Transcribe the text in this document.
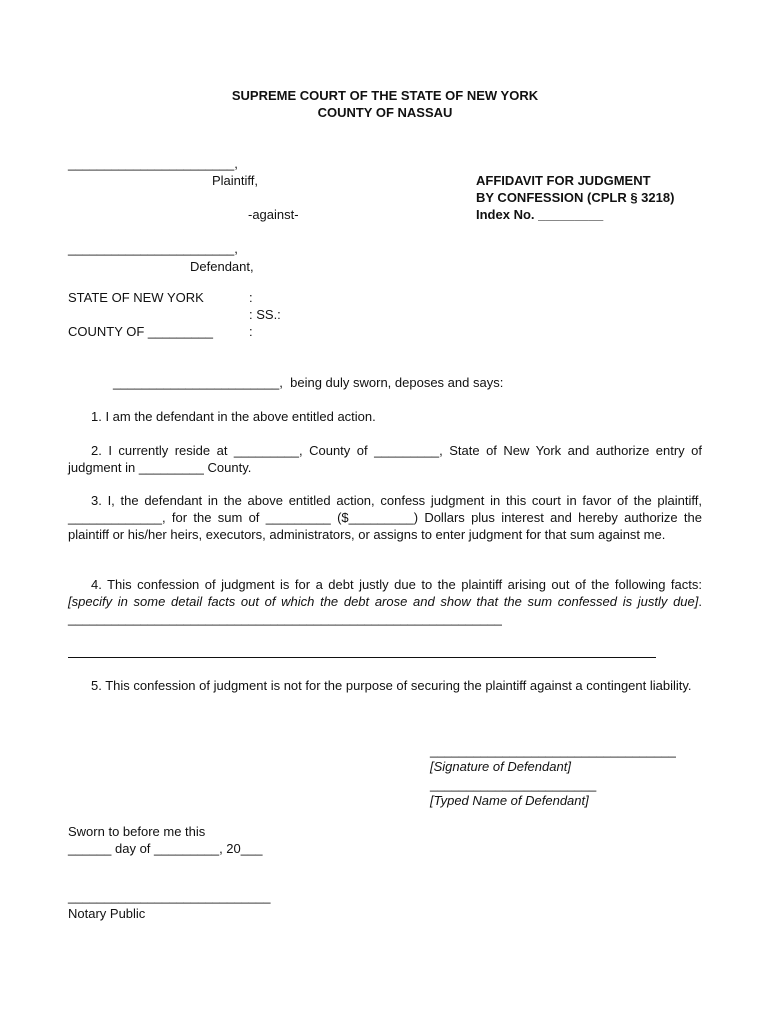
SUPREME COURT OF THE STATE OF NEW YORK
COUNTY OF NASSAU
_______________________,
Plaintiff,
-against-
_______________________,
Defendant,
AFFIDAVIT FOR JUDGMENT
BY CONFESSION (CPLR § 3218)
Index No. _________
STATE OF NEW YORK	:
: SS.:
COUNTY OF _________	:
_______________________,  being duly sworn, deposes and says:
1. I am the defendant in the above entitled action.
2. I currently reside at _________, County of _________, State of New York and authorize entry of judgment in _________ County.
3. I, the defendant in the above entitled action, confess judgment in this court in favor of the plaintiff, _____________, for the sum of _________ ($_________) Dollars plus interest and hereby authorize the plaintiff or his/her heirs, executors, administrators, or assigns to enter judgment for that sum against me.
4. This confession of judgment is for a debt justly due to the plaintiff arising out of the following facts: [specify in some detail facts out of which the debt arose and show that the sum confessed is justly due]. ____________________________________________________________
5. This confession of judgment is not for the purpose of securing the plaintiff against a contingent liability.
__________________________________
[Signature of Defendant]
_______________________
[Typed Name of Defendant]
Sworn to before me this
______ day of _________, 20___
____________________________
Notary Public
